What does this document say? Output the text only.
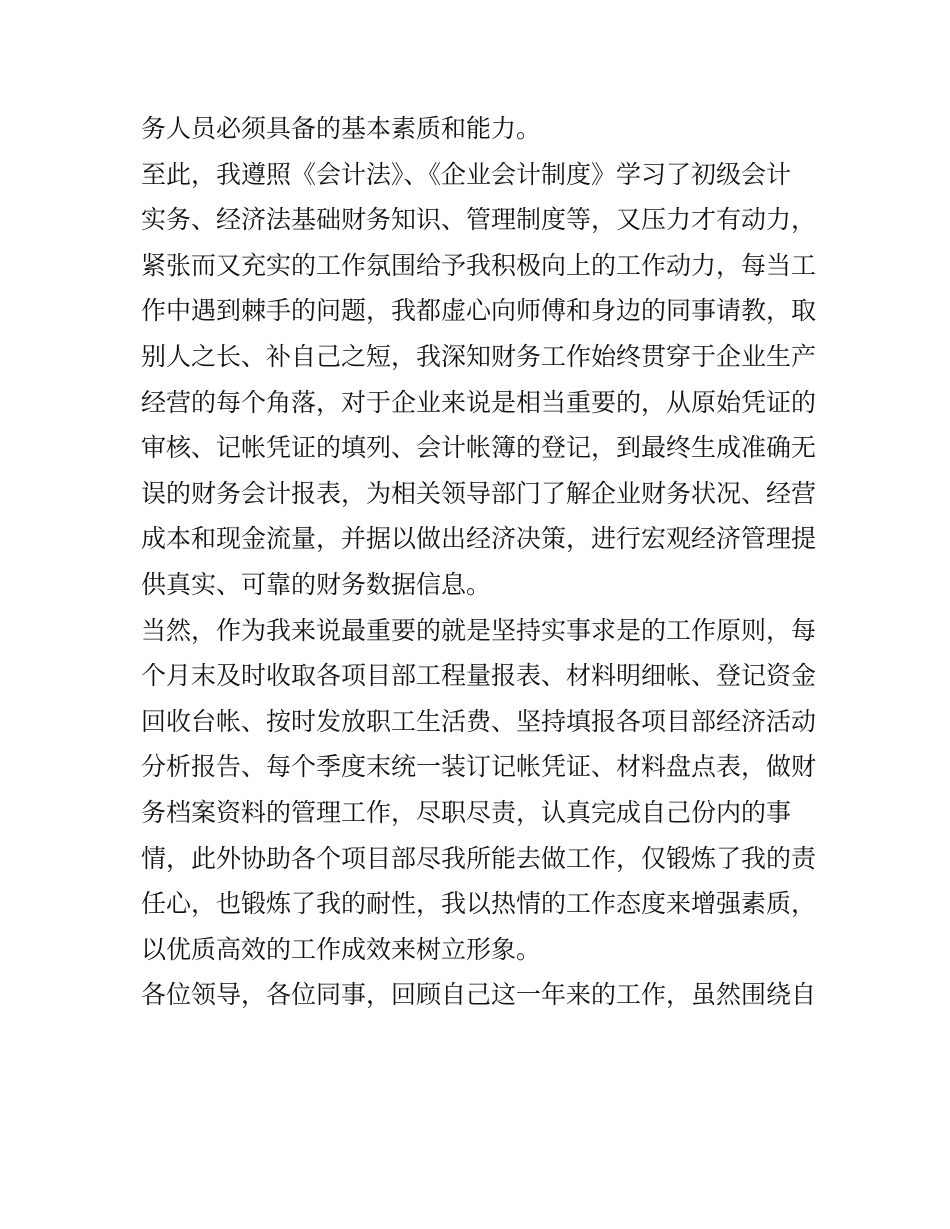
务人员必须具备的基本素质和能力。
至此，我遵照《会计法》、《企业会计制度》学习了初级会计
实务、经济法基础财务知识、管理制度等，又压力才有动力，
紧张而又充实的工作氛围给予我积极向上的工作动力，每当工
作中遇到棘手的问题，我都虚心向师傅和身边的同事请教，取
别人之长、补自己之短，我深知财务工作始终贯穿于企业生产
经营的每个角落，对于企业来说是相当重要的，从原始凭证的
审核、记帐凭证的填列、会计帐簿的登记，到最终生成准确无
误的财务会计报表，为相关领导部门了解企业财务状况、经营
成本和现金流量，并据以做出经济决策，进行宏观经济管理提
供真实、可靠的财务数据信息。
当然，作为我来说最重要的就是坚持实事求是的工作原则，每
个月末及时收取各项目部工程量报表、材料明细帐、登记资金
回收台帐、按时发放职工生活费、坚持填报各项目部经济活动
分析报告、每个季度末统一装订记帐凭证、材料盘点表，做财
务档案资料的管理工作，尽职尽责，认真完成自己份内的事
情，此外协助各个项目部尽我所能去做工作，仅锻炼了我的责
任心，也锻炼了我的耐性，我以热情的工作态度来增强素质，
以优质高效的工作成效来树立形象。
各位领导，各位同事，回顾自己这一年来的工作，虽然围绕自
